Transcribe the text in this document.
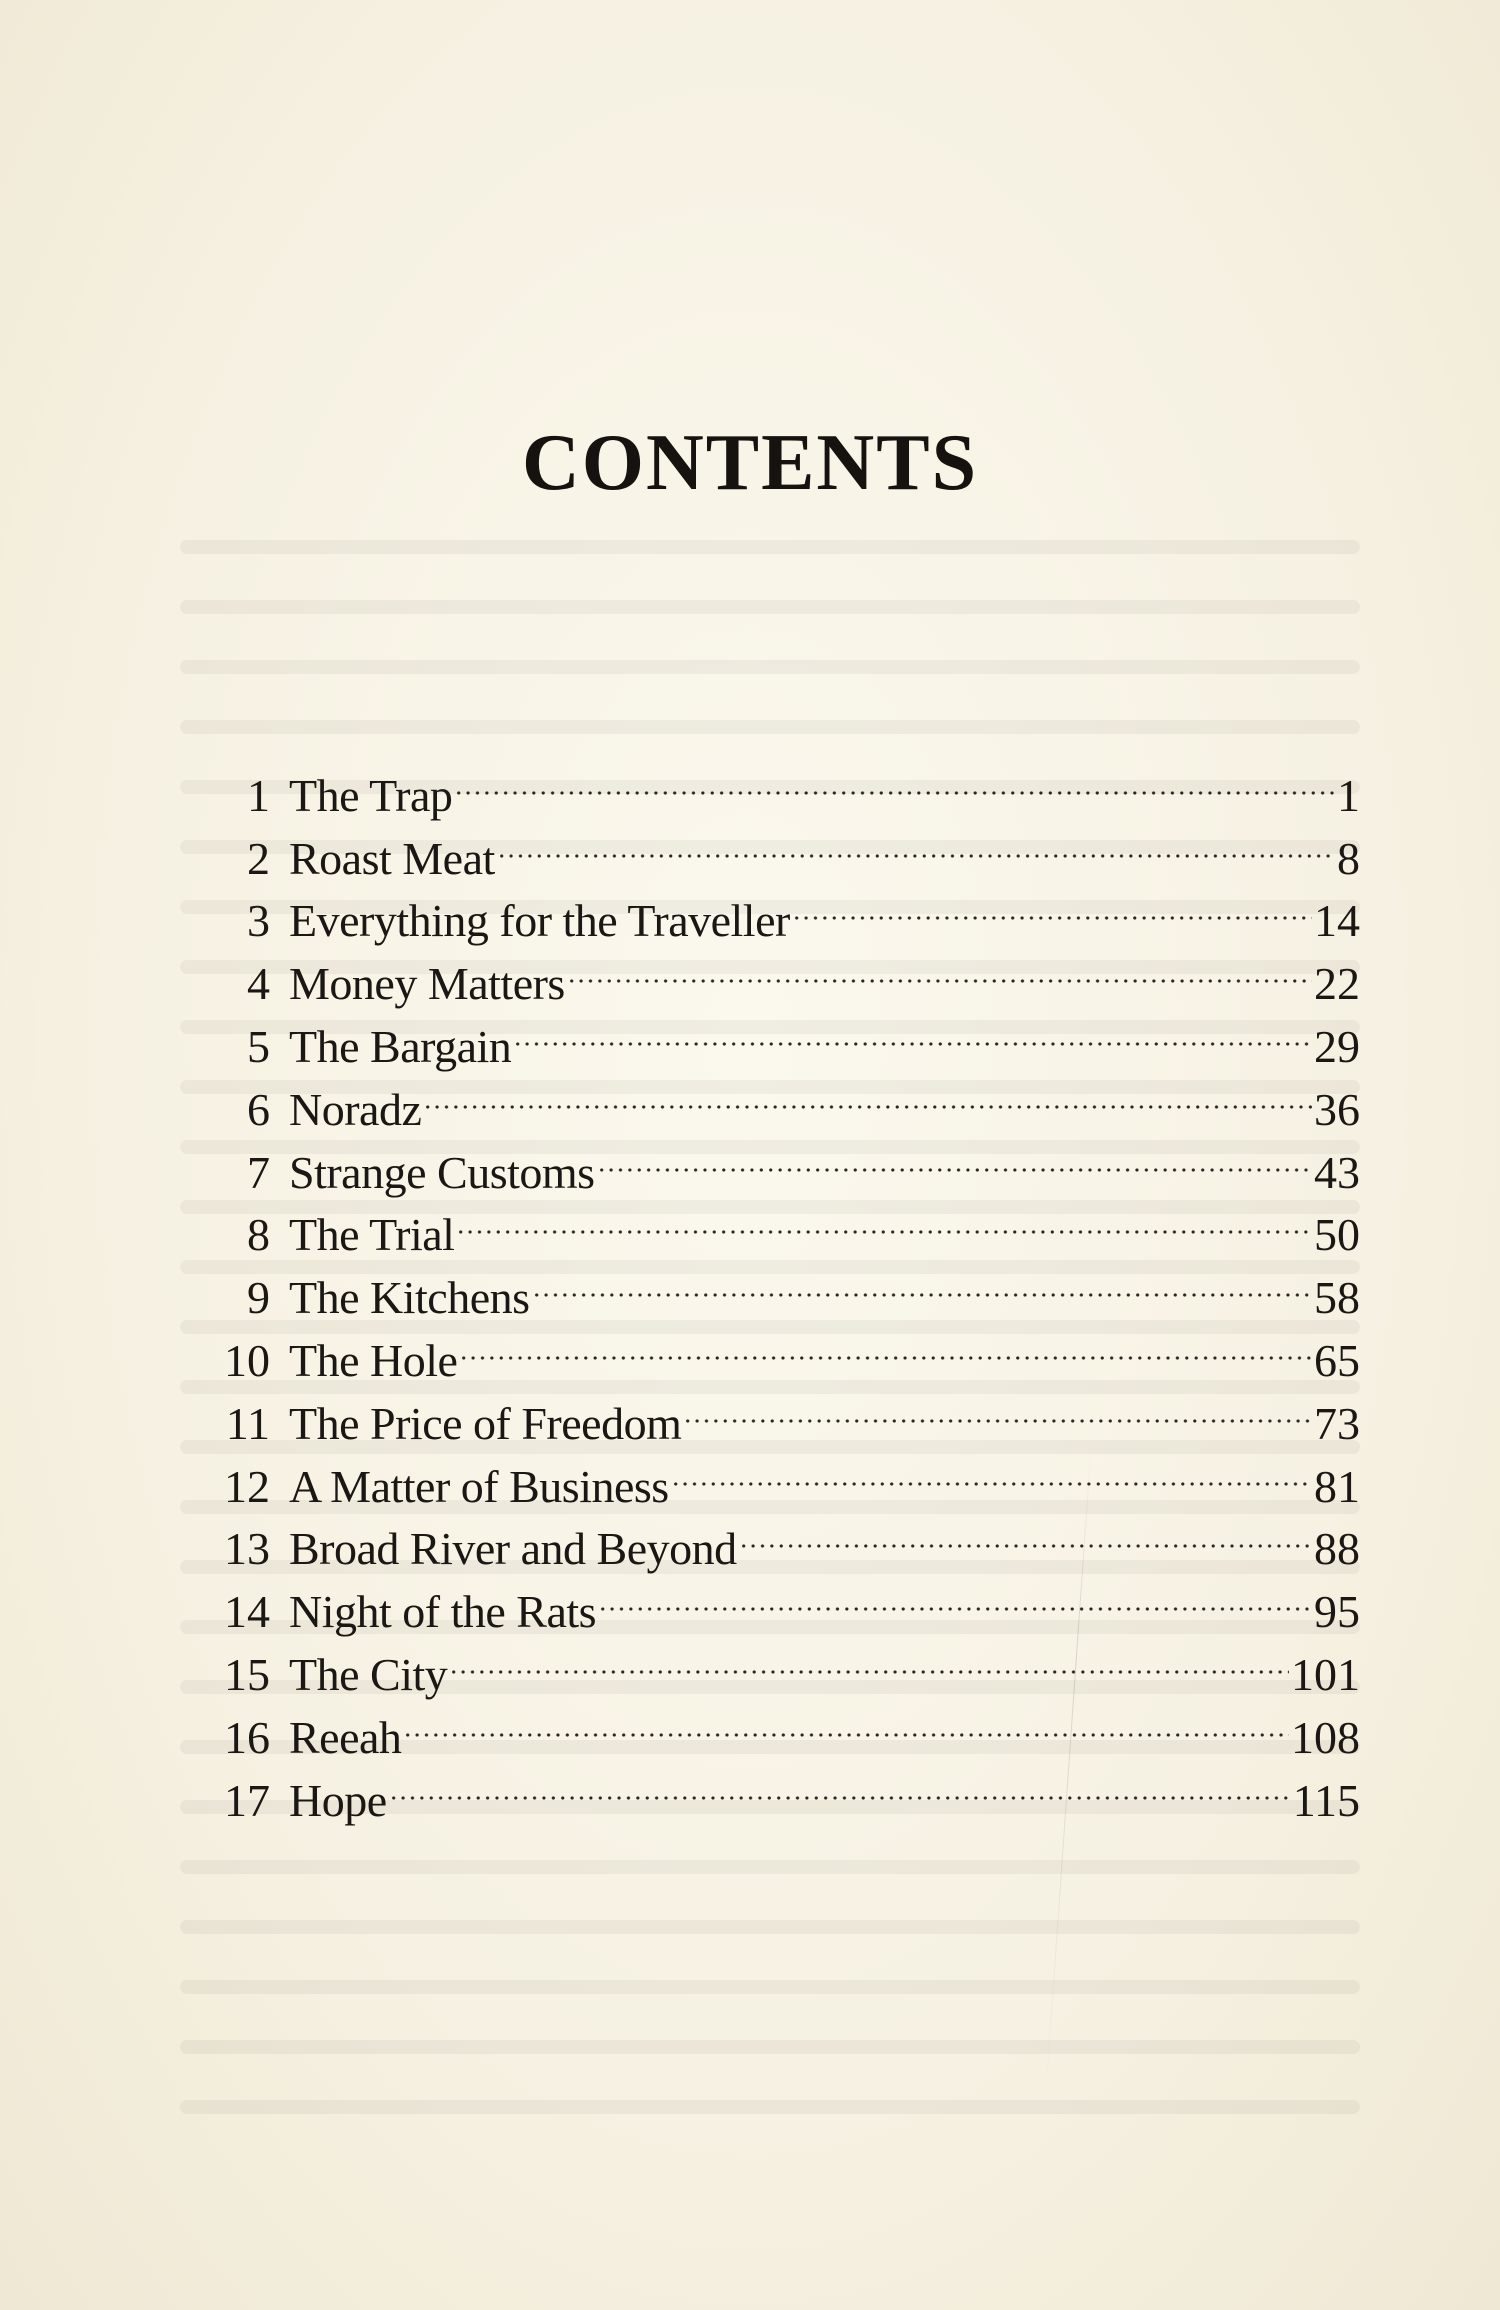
CONTENTS
1 The Trap	1
2 Roast Meat	8
3 Everything for the Traveller	14
4 Money Matters	22
5 The Bargain	29
6 Noradz	36
7 Strange Customs	43
8 The Trial	50
9 The Kitchens	58
10 The Hole	65
11 The Price of Freedom	73
12 A Matter of Business	81
13 Broad River and Beyond	88
14 Night of the Rats	95
15 The City	101
16 Reeah	108
17 Hope	115
